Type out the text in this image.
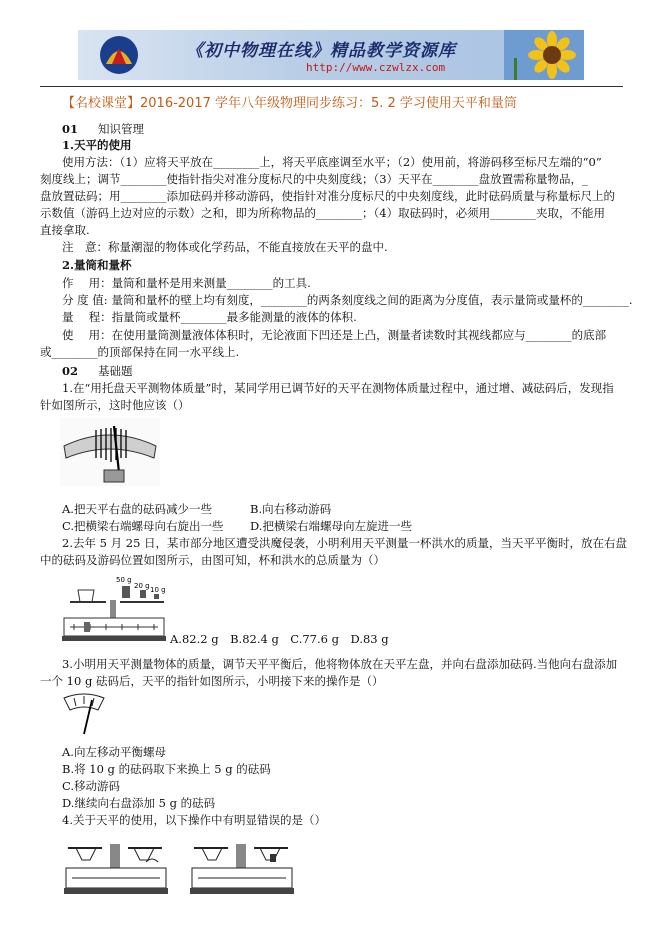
《初中物理在线》精品教学资源库
http://www.czwlzx.com
【名校课堂】2016-2017 学年八年级物理同步练习：5. 2 学习使用天平和量筒
01 知识管理
1.天平的使用
使用方法：（1）应将天平放在________上，将天平底座调至水平；（2）使用前，将游码移至标尺左端的“0”
刻度线上；调节________使指针指尖对准分度标尺的中央刻度线；（3）天平在________盘放置需称量物品，_
盘放置砝码；用________添加砝码并移动游码，使指针对准分度标尺的中央刻度线，此时砝码质量与称量标尺上的
示数值（游码上边对应的示数）之和，即为所称物品的________；（4）取砝码时，必须用________夹取，不能用
直接拿取.
注　意：称量潮湿的物体或化学药品，不能直接放在天平的盘中.
2.量筒和量杯
作　 用：量筒和量杯是用来测量________的工具.
分 度 值: 量筒和量杯的壁上均有刻度，________的两条刻度线之间的距离为分度值，表示量筒或量杯的________.
量　 程：指量筒或量杯________最多能测量的液体的体积.
使　 用：在使用量筒测量液体体积时，无论液面下凹还是上凸，测量者读数时其视线都应与________的底部
或________的顶部保持在同一水平线上.
02 基础题
1.在“用托盘天平测物体质量”时，某同学用已调节好的天平在测物体质量过程中，通过增、减砝码后，发现指
针如图所示，这时他应该（）
A.把天平右盘的砝码减少一些	B.向右移动游码
C.把横梁右端螺母向右旋出一些 D.把横梁右端螺母向左旋进一些
2.去年 5 月 25 日，某市部分地区遭受洪魔侵袭，小明利用天平测量一杯洪水的质量，当天平平衡时，放在右盘
中的砝码及游码位置如图所示，由图可知，杯和洪水的总质量为（）
50 g
20 g 10 g
A.82.2 g　B.82.4 g　C.77.6 g　D.83 g
3.小明用天平测量物体的质量，调节天平平衡后，他将物体放在天平左盘，并向右盘添加砝码.当他向右盘添加
一个 10 g 砝码后，天平的指针如图所示，小明接下来的操作是（）
A.向左移动平衡螺母
B.将 10 g 的砝码取下来换上 5 g 的砝码
C.移动游码
D.继续向右盘添加 5 g 的砝码
4.关于天平的使用，以下操作中有明显错误的是（）
